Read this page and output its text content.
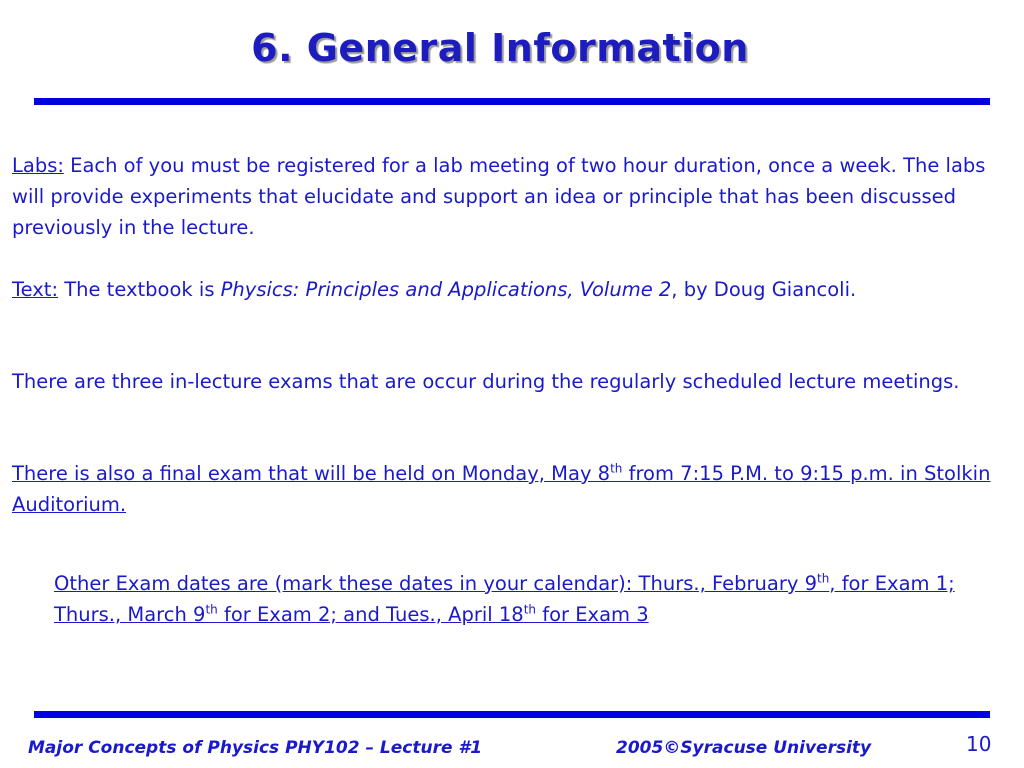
6. General Information

Labs: Each of you must be registered for a lab meeting of two hour duration, once a week. The labs will provide experiments that elucidate and support an idea or principle that has been discussed previously in the lecture.

Text: The textbook is Physics: Principles and Applications, Volume 2, by Doug Giancoli.

There are three in-lecture exams that are occur during the regularly scheduled lecture meetings.

There is also a final exam that will be held on Monday, May 8th from 7:15 P.M. to 9:15 p.m. in Stolkin Auditorium.

Other Exam dates are (mark these dates in your calendar): Thurs., February 9th, for Exam 1; Thurs., March 9th for Exam 2; and Tues., April 18th for Exam 3
Major Concepts of Physics PHY102 – Lecture #1	2005©Syracuse University	10
